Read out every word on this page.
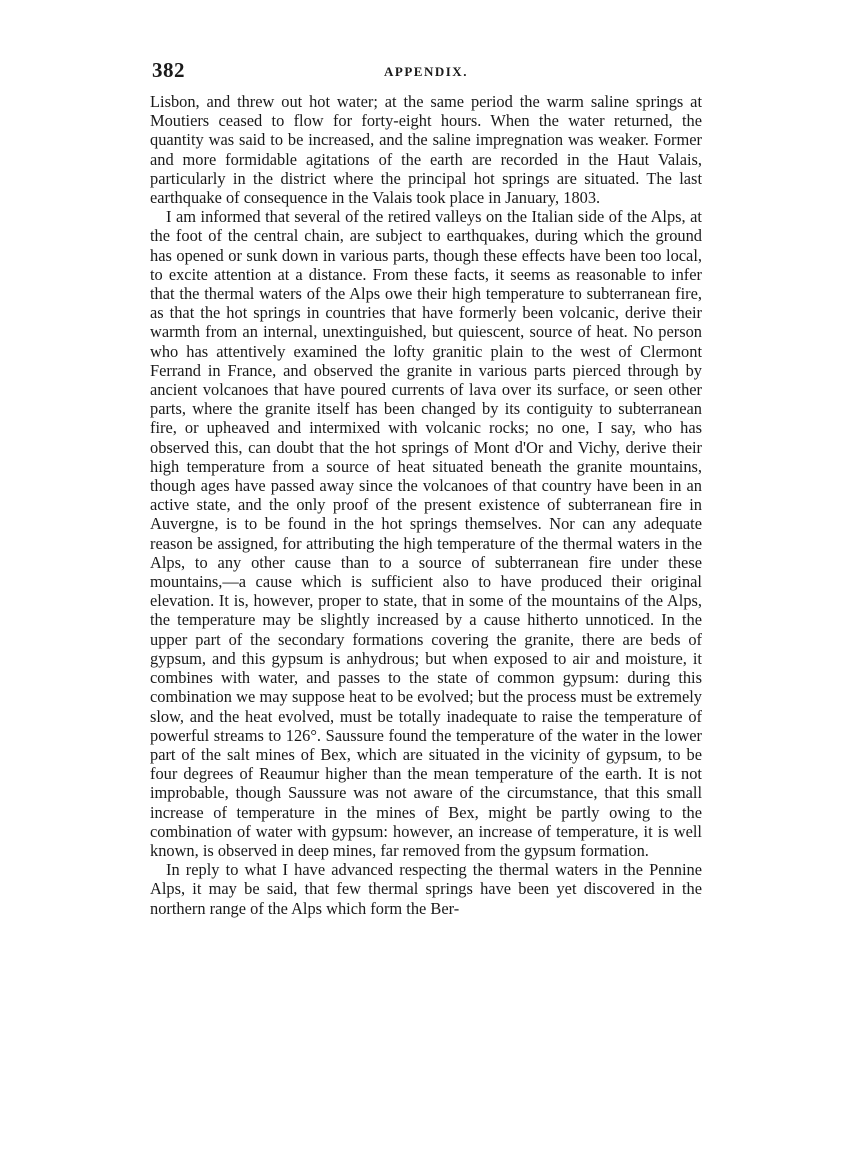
382	APPENDIX.

Lisbon, and threw out hot water; at the same period the warm saline springs at Moutiers ceased to flow for forty-eight hours. When the water returned, the quantity was said to be increased, and the saline impregnation was weaker. Former and more formidable agitations of the earth are recorded in the Haut Valais, particularly in the district where the principal hot springs are situated. The last earthquake of consequence in the Valais took place in January, 1803.

I am informed that several of the retired valleys on the Italian side of the Alps, at the foot of the central chain, are subject to earthquakes, during which the ground has opened or sunk down in various parts, though these effects have been too local, to excite attention at a distance. From these facts, it seems as reasonable to infer that the thermal waters of the Alps owe their high temperature to subterranean fire, as that the hot springs in countries that have formerly been volcanic, derive their warmth from an internal, unextinguished, but quiescent, source of heat. No person who has attentively examined the lofty granitic plain to the west of Clermont Ferrand in France, and observed the granite in various parts pierced through by ancient volcanoes that have poured currents of lava over its surface, or seen other parts, where the granite itself has been changed by its contiguity to subterranean fire, or upheaved and intermixed with volcanic rocks; no one, I say, who has observed this, can doubt that the hot springs of Mont d'Or and Vichy, derive their high temperature from a source of heat situated beneath the granite mountains, though ages have passed away since the volcanoes of that country have been in an active state, and the only proof of the present existence of subterranean fire in Auvergne, is to be found in the hot springs themselves. Nor can any adequate reason be assigned, for attributing the high temperature of the thermal waters in the Alps, to any other cause than to a source of subterranean fire under these mountains,—a cause which is sufficient also to have produced their original elevation. It is, however, proper to state, that in some of the mountains of the Alps, the temperature may be slightly increased by a cause hitherto unnoticed. In the upper part of the secondary formations covering the granite, there are beds of gypsum, and this gypsum is anhydrous; but when exposed to air and moisture, it combines with water, and passes to the state of common gypsum: during this combination we may suppose heat to be evolved; but the process must be extremely slow, and the heat evolved, must be totally inadequate to raise the temperature of powerful streams to 126°. Saussure found the temperature of the water in the lower part of the salt mines of Bex, which are situated in the vicinity of gypsum, to be four degrees of Reaumur higher than the mean temperature of the earth. It is not improbable, though Saussure was not aware of the circumstance, that this small increase of temperature in the mines of Bex, might be partly owing to the combination of water with gypsum: however, an increase of temperature, it is well known, is observed in deep mines, far removed from the gypsum formation.

In reply to what I have advanced respecting the thermal waters in the Pennine Alps, it may be said, that few thermal springs have been yet discovered in the northern range of the Alps which form the Ber-
